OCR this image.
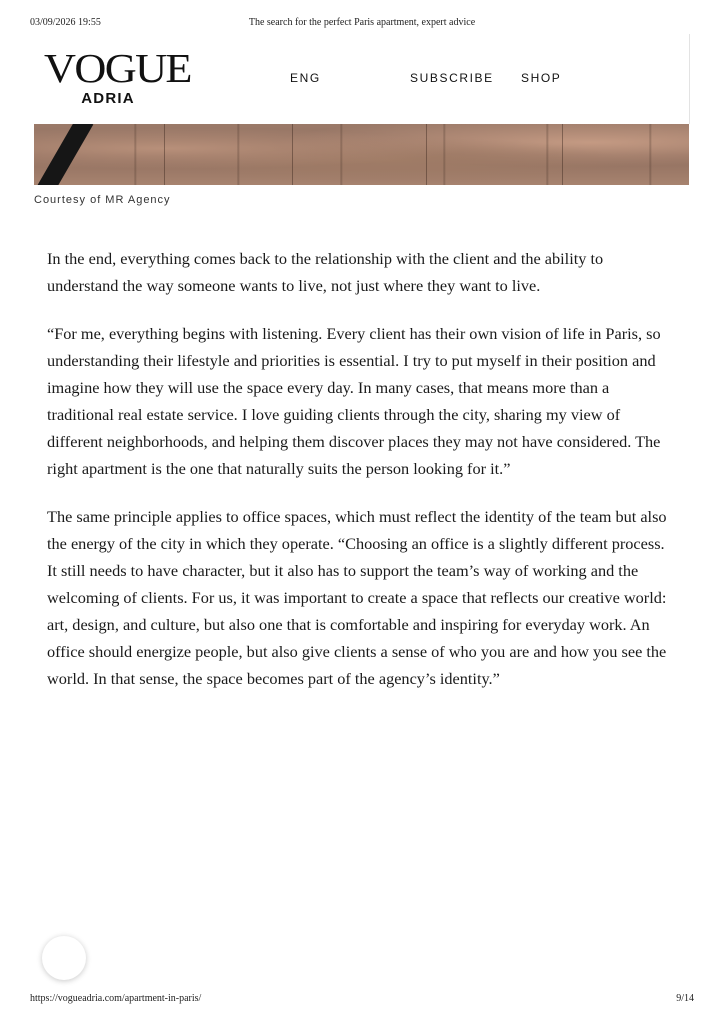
03/09/2026 19:55	The search for the perfect Paris apartment, expert advice
VOGUE
ADRIA
ENG	SUBSCRIBE SHOP
Courtesy of MR Agency

In the end, everything comes back to the relationship with the client and the ability to understand the way someone wants to live, not just where they want to live.

“For me, everything begins with listening. Every client has their own vision of life in Paris, so understanding their lifestyle and priorities is essential. I try to put myself in their position and imagine how they will use the space every day. In many cases, that means more than a traditional real estate service. I love guiding clients through the city, sharing my view of different neighborhoods, and helping them discover places they may not have considered. The right apartment is the one that naturally suits the person looking for it.”

The same principle applies to office spaces, which must reflect the identity of the team but also the energy of the city in which they operate. “Choosing an office is a slightly different process. It still needs to have character, but it also has to support the team’s way of working and the welcoming of clients. For us, it was important to create a space that reflects our creative world: art, design, and culture, but also one that is comfortable and inspiring for everyday work. An office should energize people, but also give clients a sense of who you are and how you see the world. In that sense, the space becomes part of the agency’s identity.”

https://vogueadria.com/apartment-in-paris/	9/14
